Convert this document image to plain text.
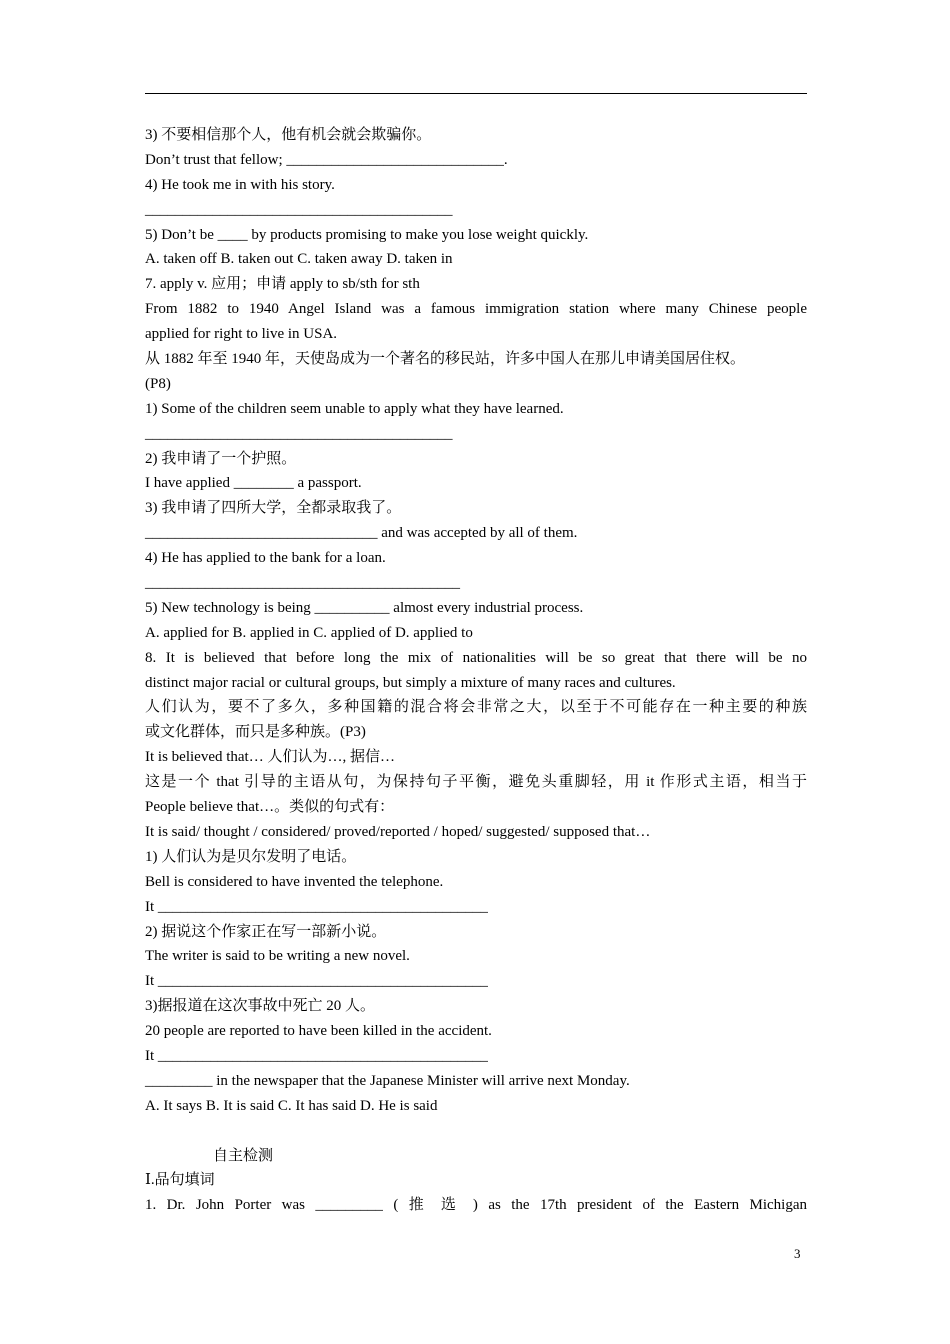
3) 不要相信那个人，他有机会就会欺骗你。
Don’t trust that fellow; _____________________________.
4) He took me in with his story.
_________________________________________
5) Don’t be ____ by products promising to make you lose weight quickly.
A. taken off B. taken out C. taken away D. taken in
7. apply v. 应用；申请 apply to sb/sth for sth
From 1882 to 1940 Angel Island was a famous immigration station where many Chinese people
applied for right to live in USA.
从 1882 年至 1940 年，天使岛成为一个著名的移民站，许多中国人在那儿申请美国居住权。
(P8)
1) Some of the children seem unable to apply what they have learned.
_________________________________________
2) 我申请了一个护照。
I have applied ________ a passport.
3) 我申请了四所大学，全都录取我了。
_______________________________ and was accepted by all of them.
4) He has applied to the bank for a loan.
__________________________________________
5) New technology is being __________ almost every industrial process.
A. applied for B. applied in C. applied of D. applied to
8. It is believed that before long the mix of nationalities will be so great that there will be no
distinct major racial or cultural groups, but simply a mixture of many races and cultures.
人们认为，要不了多久，多种国籍的混合将会非常之大，以至于不可能存在一种主要的种族
或文化群体，而只是多种族。(P3)
It is believed that… 人们认为…, 据信…
这是一个 that 引导的主语从句，为保持句子平衡，避免头重脚轻，用 it 作形式主语，相当于
People believe that…。类似的句式有：
It is said/ thought / considered/ proved/reported / hoped/ suggested/ supposed that…
1) 人们认为是贝尔发明了电话。
Bell is considered to have invented the telephone.
It ____________________________________________
2) 据说这个作家正在写一部新小说。
The writer is said to be writing a new novel.
It ____________________________________________
3)据报道在这次事故中死亡 20 人。
20 people are reported to have been killed in the accident.
It ____________________________________________
_________ in the newspaper that the Japanese Minister will arrive next Monday.
A. It says B. It is said C. It has said D. He is said
自主检测
Ⅰ.品句填词
1. Dr. John Porter was _________ ( 推 选 ) as the 17th president of the Eastern Michigan
3
